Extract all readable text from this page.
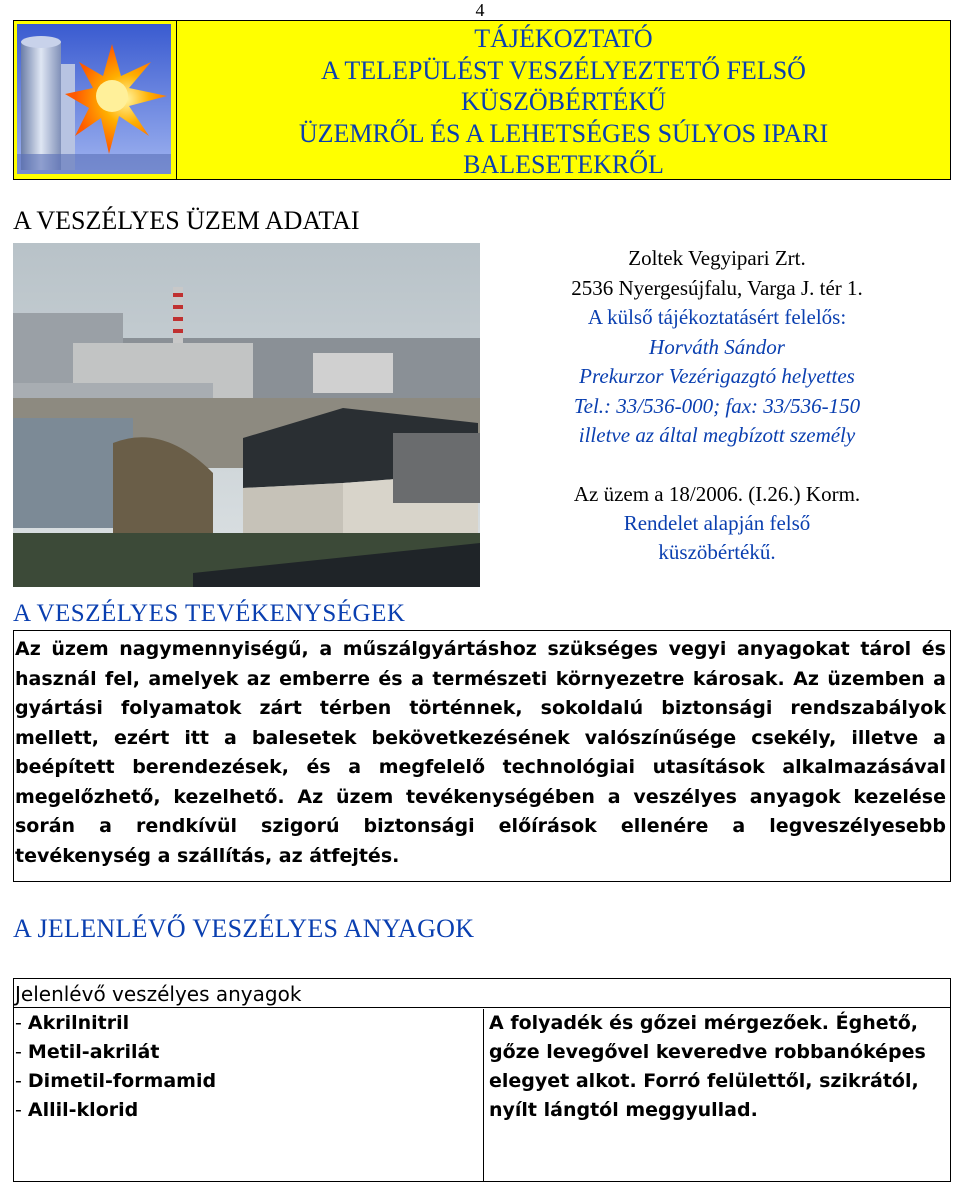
4
TÁJÉKOZTATÓ
A TELEPÜLÉST VESZÉLYEZTETŐ FELSŐ
KÜSZÖBÉRTÉKŰ
ÜZEMRŐL ÉS A LEHETSÉGES SÚLYOS IPARI
BALESETEKRŐL
A VESZÉLYES ÜZEM ADATAI
Zoltek Vegyipari Zrt.
2536 Nyergesújfalu, Varga J. tér 1.
A külső tájékoztatásért felelős:
Horváth Sándor
Prekurzor Vezérigazgtó helyettes
Tel.: 33/536-000; fax: 33/536-150
illetve az által megbízott személy
Az üzem a 18/2006. (I.26.) Korm.
Rendelet alapján felső
küszöbértékű.
A VESZÉLYES TEVÉKENYSÉGEK
Az üzem nagymennyiségű, a műszálgyártáshoz szükséges vegyi anyagokat tárol és használ fel, amelyek az emberre és a természeti környezetre károsak. Az üzemben a gyártási folyamatok zárt térben történnek, sokoldalú biztonsági rendszabályok mellett, ezért itt a balesetek bekövetkezésének valószínűsége csekély, illetve a beépített berendezések, és a megfelelő technológiai utasítások alkalmazásával megelőzhető, kezelhető. Az üzem tevékenységében a veszélyes anyagok kezelése során a rendkívül szigorú biztonsági előírások ellenére a legveszélyesebb tevékenység a szállítás, az átfejtés.
A JELENLÉVŐ VESZÉLYES ANYAGOK
Jelenlévő veszélyes anyagok
- Akrilnitril
- Metil-akrilát
- Dimetil-formamid
- Allil-klorid
A folyadék és gőzei mérgezőek. Éghető, gőze levegővel keveredve robbanóképes elegyet alkot. Forró felülettől, szikrától, nyílt lángtól meggyullad.
